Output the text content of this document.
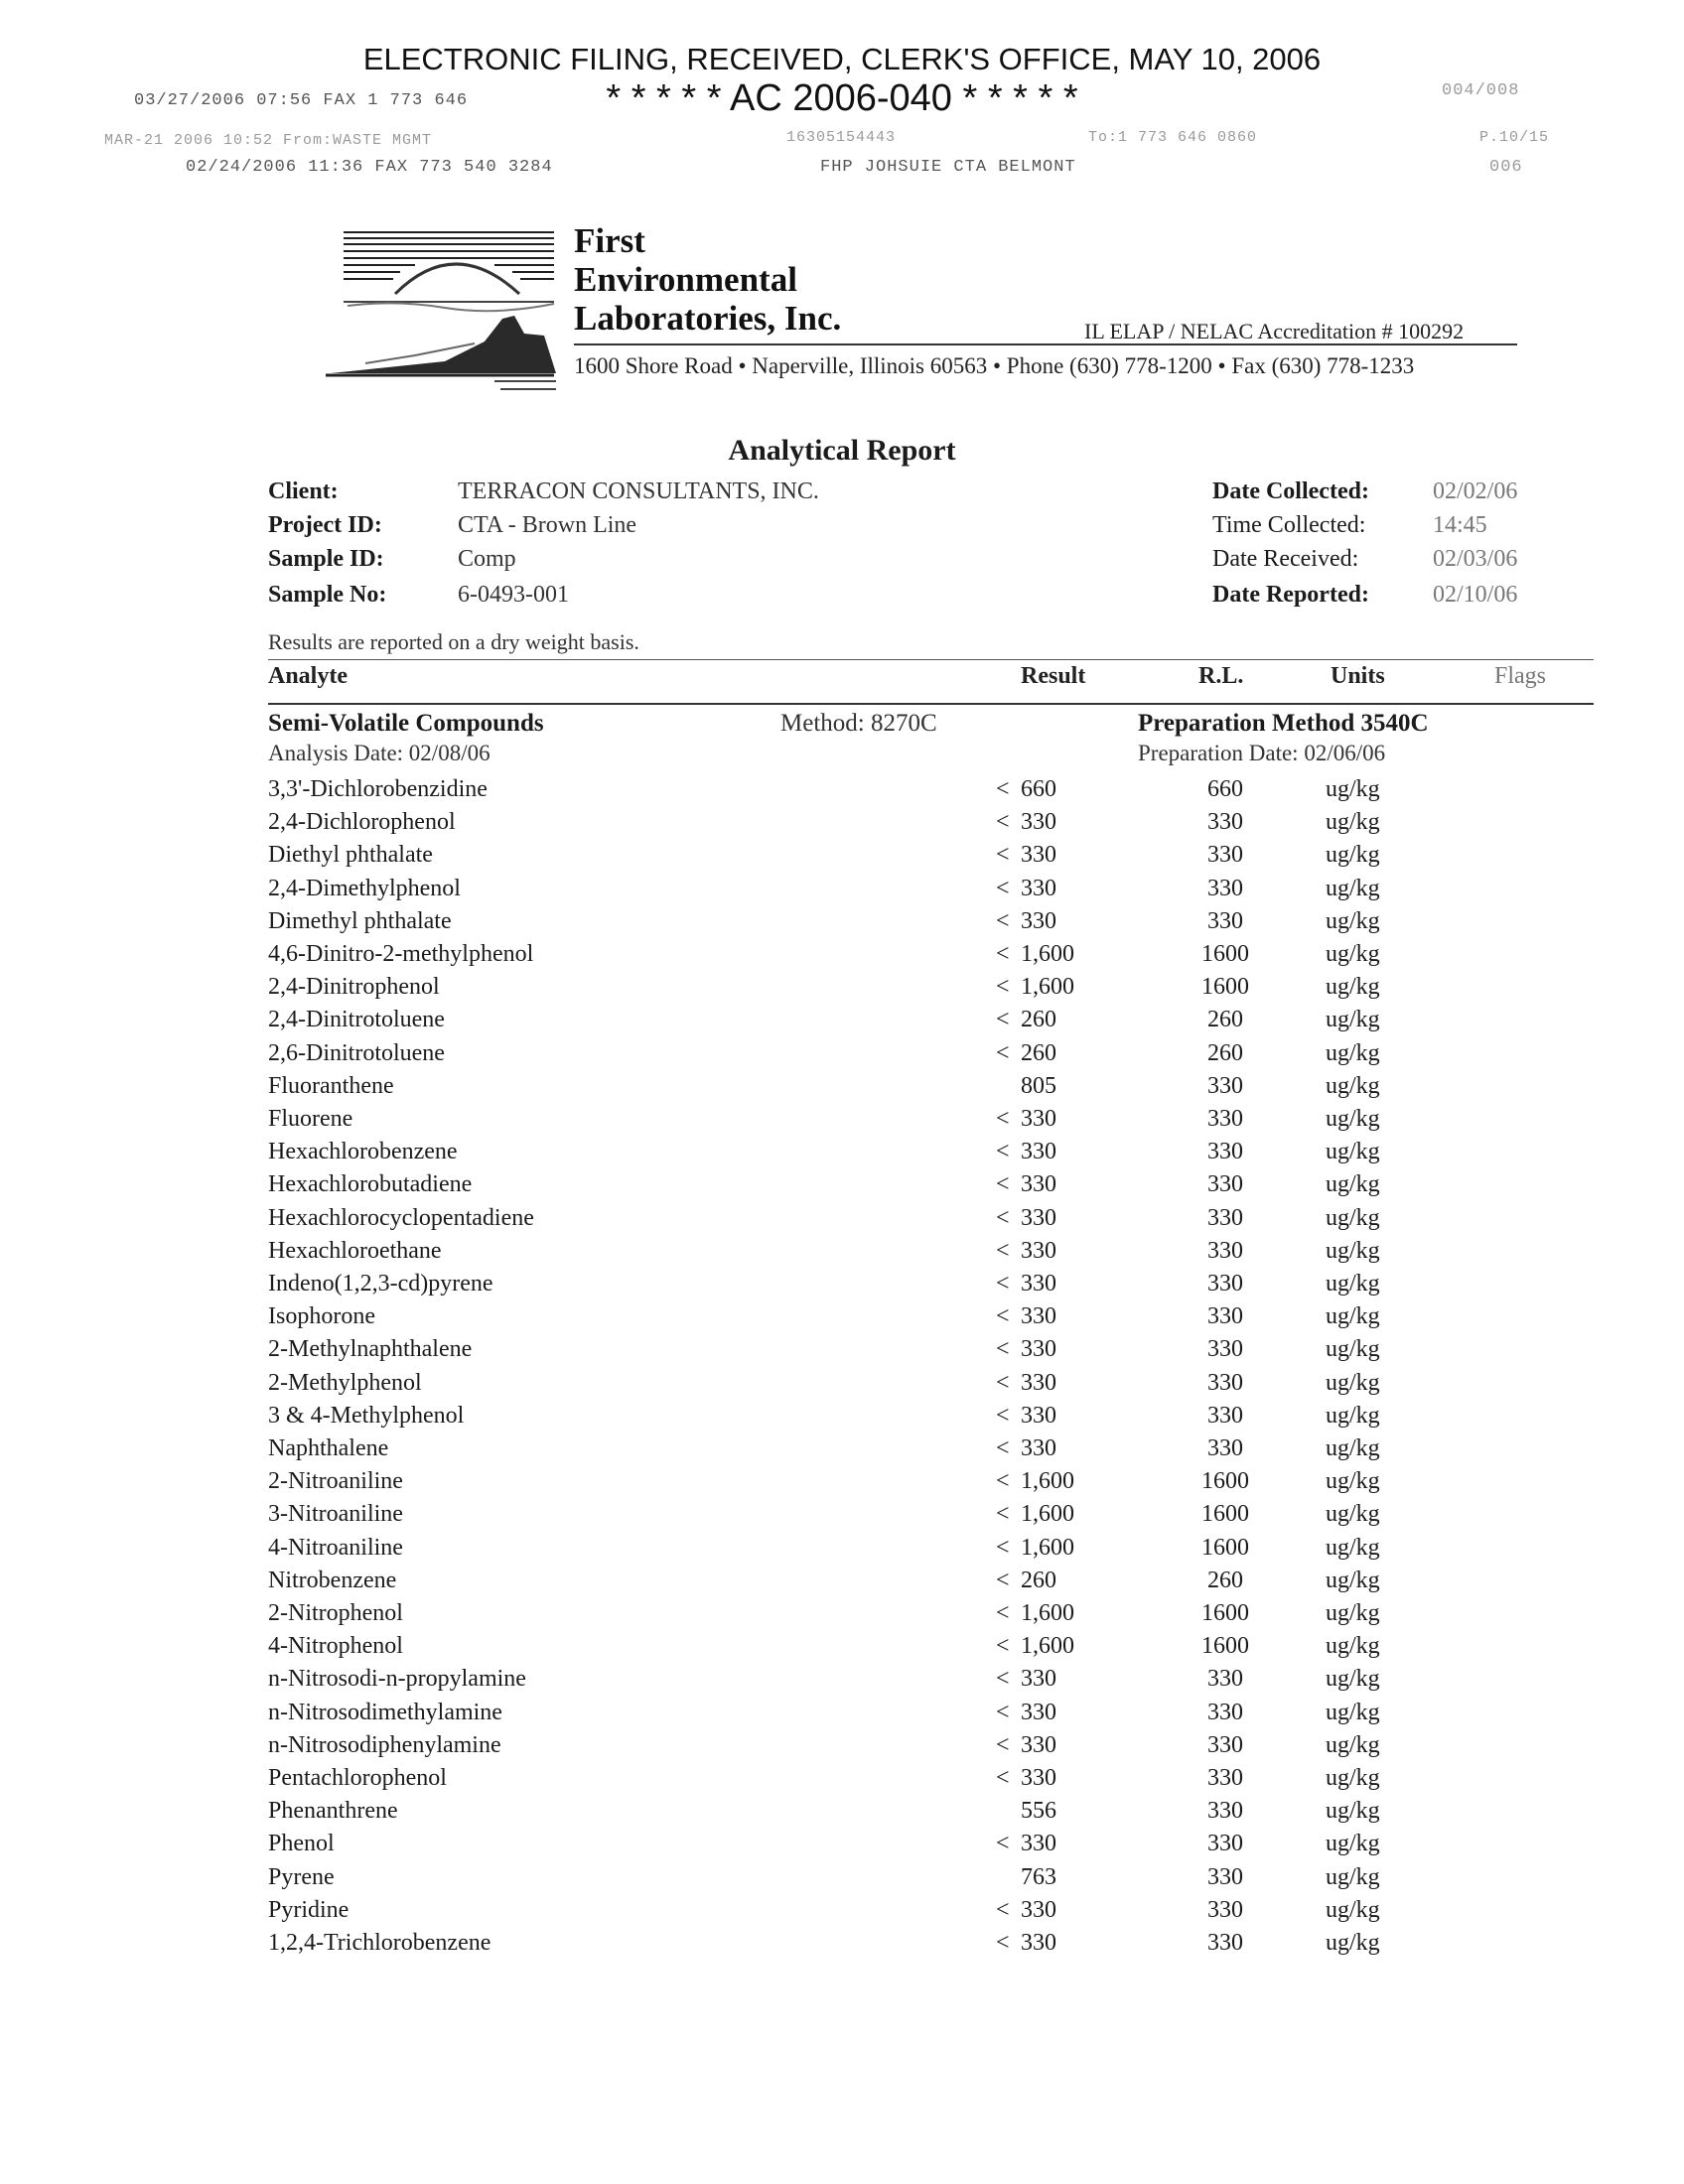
ELECTRONIC FILING, RECEIVED, CLERK'S OFFICE, MAY 10, 2006
* * * * * AC 2006-040 * * * * *
03/27/2006 07:56 FAX 1 773 646
004/008
MAR-21 2006 10:52 From:WASTE MGMT	16305154443	To:1 773 646 0860	P.10/15
02/24/2006 11:36 FAX 773 540 3284	FHP JOHSUIE CTA BELMONT	006
First
Environmental
Laboratories, Inc.	IL ELAP / NELAC Accreditation # 100292
1600 Shore Road • Naperville, Illinois 60563 • Phone (630) 778-1200 • Fax (630) 778-1233
Analytical Report
Client:	TERRACON CONSULTANTS, INC.
Project ID:	CTA - Brown Line
Sample ID:	Comp
Sample No:	6-0493-001
Date Collected:	02/02/06
Time Collected:	14:45
Date Received:	02/03/06
Date Reported:	02/10/06
Results are reported on a dry weight basis.
Analyte	Result	R.L.	Units	Flags
Semi-Volatile Compounds	Method: 8270C	Preparation Method 3540C
Analysis Date: 02/08/06	Preparation Date: 02/06/06
3,3'-Dichlorobenzidine	< 660	660	ug/kg
2,4-Dichlorophenol	< 330	330	ug/kg
Diethyl phthalate	< 330	330	ug/kg
2,4-Dimethylphenol	< 330	330	ug/kg
Dimethyl phthalate	< 330	330	ug/kg
4,6-Dinitro-2-methylphenol	< 1,600	1600	ug/kg
2,4-Dinitrophenol	< 1,600	1600	ug/kg
2,4-Dinitrotoluene	< 260	260	ug/kg
2,6-Dinitrotoluene	< 260	260	ug/kg
Fluoranthene	805	330	ug/kg
Fluorene	< 330	330	ug/kg
Hexachlorobenzene	< 330	330	ug/kg
Hexachlorobutadiene	< 330	330	ug/kg
Hexachlorocyclopentadiene	< 330	330	ug/kg
Hexachloroethane	< 330	330	ug/kg
Indeno(1,2,3-cd)pyrene	< 330	330	ug/kg
Isophorone	< 330	330	ug/kg
2-Methylnaphthalene	< 330	330	ug/kg
2-Methylphenol	< 330	330	ug/kg
3 & 4-Methylphenol	< 330	330	ug/kg
Naphthalene	< 330	330	ug/kg
2-Nitroaniline	< 1,600	1600	ug/kg
3-Nitroaniline	< 1,600	1600	ug/kg
4-Nitroaniline	< 1,600	1600	ug/kg
Nitrobenzene	< 260	260	ug/kg
2-Nitrophenol	< 1,600	1600	ug/kg
4-Nitrophenol	< 1,600	1600	ug/kg
n-Nitrosodi-n-propylamine	< 330	330	ug/kg
n-Nitrosodimethylamine	< 330	330	ug/kg
n-Nitrosodiphenylamine	< 330	330	ug/kg
Pentachlorophenol	< 330	330	ug/kg
Phenanthrene	556	330	ug/kg
Phenol	< 330	330	ug/kg
Pyrene	763	330	ug/kg
Pyridine	< 330	330	ug/kg
1,2,4-Trichlorobenzene	< 330	330	ug/kg
